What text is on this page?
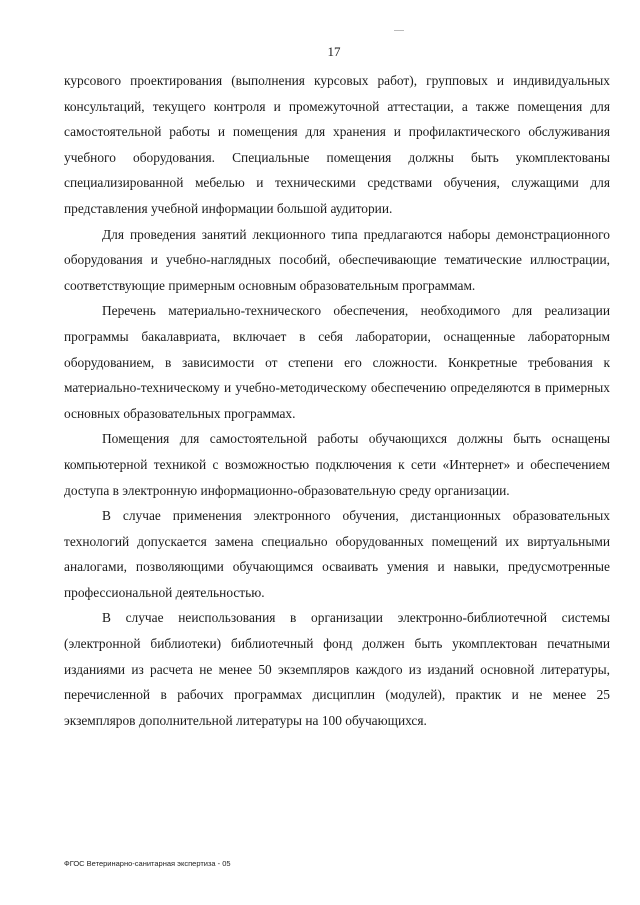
17

курсового проектирования (выполнения курсовых работ), групповых и индивидуальных консультаций, текущего контроля и промежуточной аттестации, а также помещения для самостоятельной работы и помещения для хранения и профилактического обслуживания учебного оборудования. Специальные помещения должны быть укомплектованы специализированной мебелью и техническими средствами обучения, служащими для представления учебной информации большой аудитории.

Для проведения занятий лекционного типа предлагаются наборы демонстрационного оборудования и учебно-наглядных пособий, обеспечивающие тематические иллюстрации, соответствующие примерным основным образовательным программам.

Перечень материально-технического обеспечения, необходимого для реализации программы бакалавриата, включает в себя лаборатории, оснащенные лабораторным оборудованием, в зависимости от степени его сложности. Конкретные требования к материально-техническому и учебно-методическому обеспечению определяются в примерных основных образовательных программах.

Помещения для самостоятельной работы обучающихся должны быть оснащены компьютерной техникой с возможностью подключения к сети «Интернет» и обеспечением доступа в электронную информационно-образовательную среду организации.

В случае применения электронного обучения, дистанционных образовательных технологий допускается замена специально оборудованных помещений их виртуальными аналогами, позволяющими обучающимся осваивать умения и навыки, предусмотренные профессиональной деятельностью.

В случае неиспользования в организации электронно-библиотечной системы (электронной библиотеки) библиотечный фонд должен быть укомплектован печатными изданиями из расчета не менее 50 экземпляров каждого из изданий основной литературы, перечисленной в рабочих программах дисциплин (модулей), практик и не менее 25 экземпляров дополнительной литературы на 100 обучающихся.

ФГОС Ветеринарно-санитарная экспертиза - 05
